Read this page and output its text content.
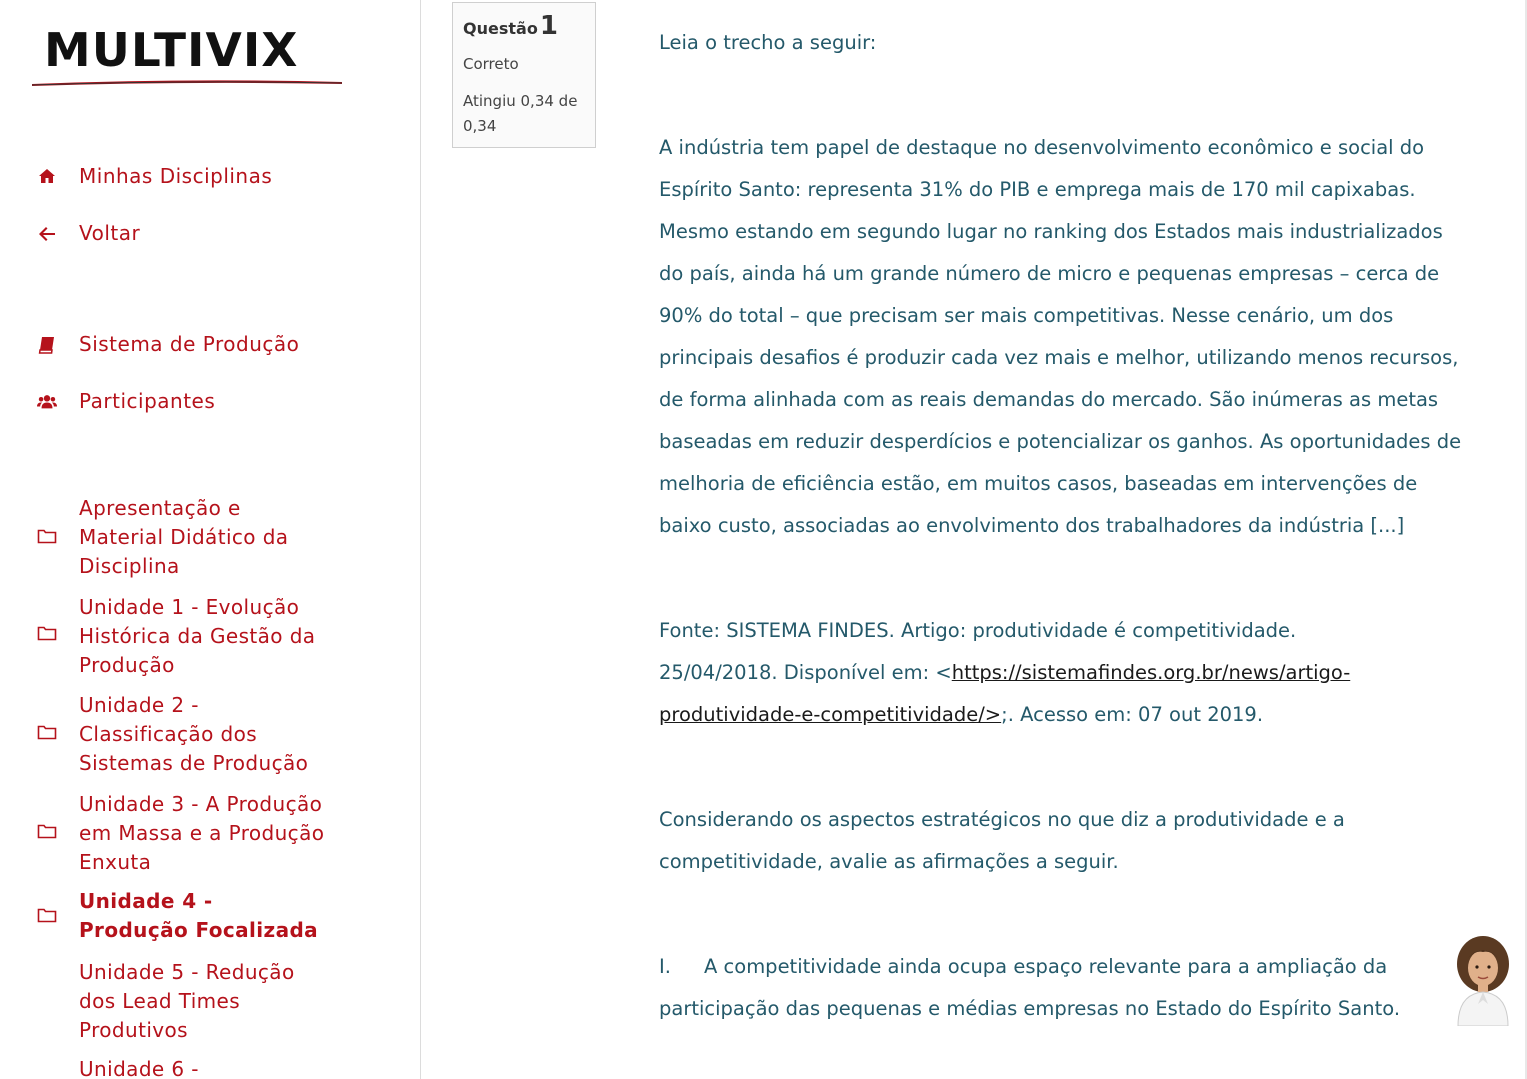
MULTIVIX
Minhas Disciplinas
Voltar
Sistema de Produção
Participantes
Apresentação e Material Didático da Disciplina
Unidade 1 - Evolução Histórica da Gestão da Produção
Unidade 2 - Classificação dos Sistemas de Produção
Unidade 3 - A Produção em Massa e a Produção Enxuta
Unidade 4 - Produção Focalizada
Unidade 5 - Redução dos Lead Times Produtivos
Unidade 6 -
Questão1
Correto
Atingiu 0,34 de 0,34

Leia o trecho a seguir:

A indústria tem papel de destaque no desenvolvimento econômico e social do Espírito Santo: representa 31% do PIB e emprega mais de 170 mil capixabas. Mesmo estando em segundo lugar no ranking dos Estados mais industrializados do país, ainda há um grande número de micro e pequenas empresas – cerca de 90% do total – que precisam ser mais competitivas. Nesse cenário, um dos principais desafios é produzir cada vez mais e melhor, utilizando menos recursos, de forma alinhada com as reais demandas do mercado. São inúmeras as metas baseadas em reduzir desperdícios e potencializar os ganhos. As oportunidades de melhoria de eficiência estão, em muitos casos, baseadas em intervenções de baixo custo, associadas ao envolvimento dos trabalhadores da indústria [...]

Fonte: SISTEMA FINDES. Artigo: produtividade é competitividade. 25/04/2018. Disponível em: <https://sistemafindes.org.br/news/artigo-produtividade-e-competitividade/>;. Acesso em: 07 out 2019.

Considerando os aspectos estratégicos no que diz a produtividade e a competitividade, avalie as afirmações a seguir.

I. A competitividade ainda ocupa espaço relevante para a ampliação da participação das pequenas e médias empresas no Estado do Espírito Santo.
